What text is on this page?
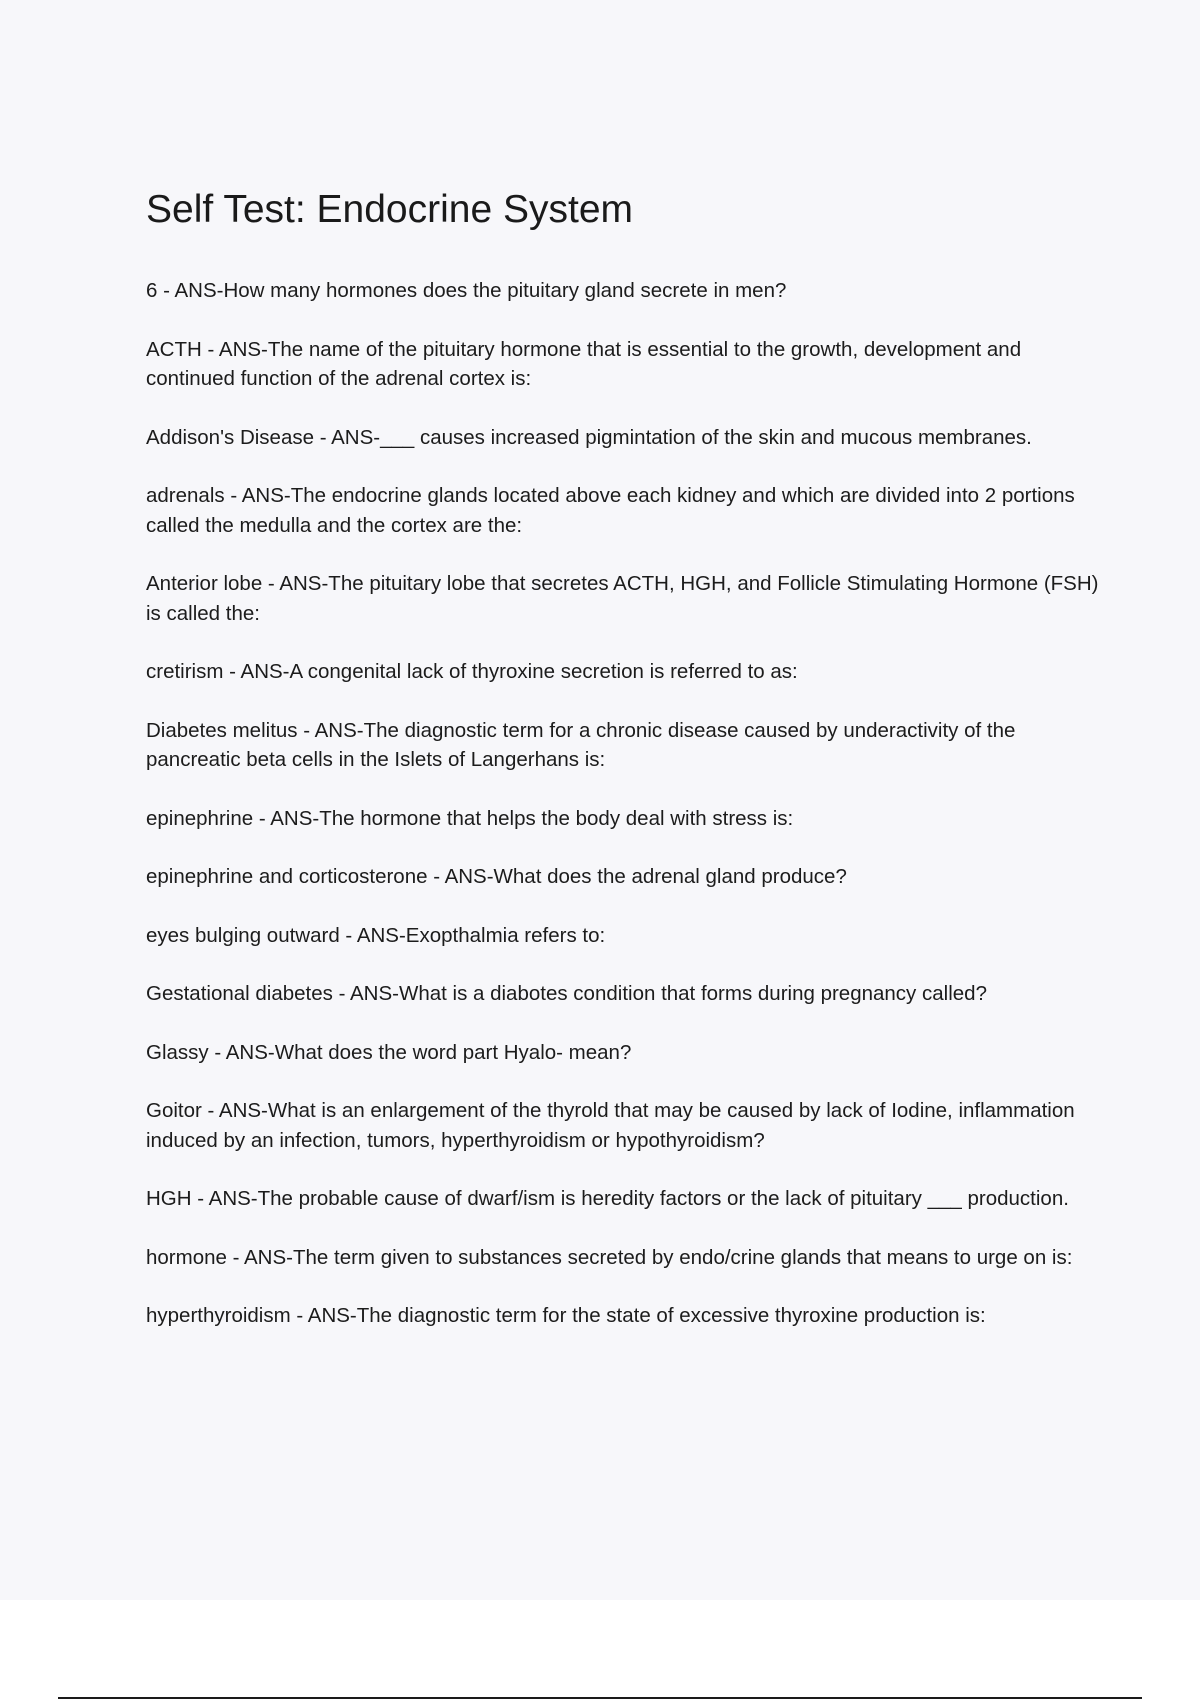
Self Test: Endocrine System
6 - ANS-How many hormones does the pituitary gland secrete in men?
ACTH - ANS-The name of the pituitary hormone that is essential to the growth, development and continued function of the adrenal cortex is:
Addison's Disease - ANS-___ causes increased pigmintation of the skin and mucous membranes.
adrenals - ANS-The endocrine glands located above each kidney and which are divided into 2 portions called the medulla and the cortex are the:
Anterior lobe - ANS-The pituitary lobe that secretes ACTH, HGH, and Follicle Stimulating Hormone (FSH) is called the:
cretirism - ANS-A congenital lack of thyroxine secretion is referred to as:
Diabetes melitus - ANS-The diagnostic term for a chronic disease caused by underactivity of the pancreatic beta cells in the Islets of Langerhans is:
epinephrine - ANS-The hormone that helps the body deal with stress is:
epinephrine and corticosterone - ANS-What does the adrenal gland produce?
eyes bulging outward - ANS-Exopthalmia refers to:
Gestational diabetes - ANS-What is a diabotes condition that forms during pregnancy called?
Glassy - ANS-What does the word part Hyalo- mean?
Goitor - ANS-What is an enlargement of the thyrold that may be caused by lack of Iodine, inflammation induced by an infection, tumors, hyperthyroidism or hypothyroidism?
HGH - ANS-The probable cause of dwarf/ism is heredity factors or the lack of pituitary ___ production.
hormone - ANS-The term given to substances secreted by endo/crine glands that means to urge on is:
hyperthyroidism - ANS-The diagnostic term for the state of excessive thyroxine production is:
